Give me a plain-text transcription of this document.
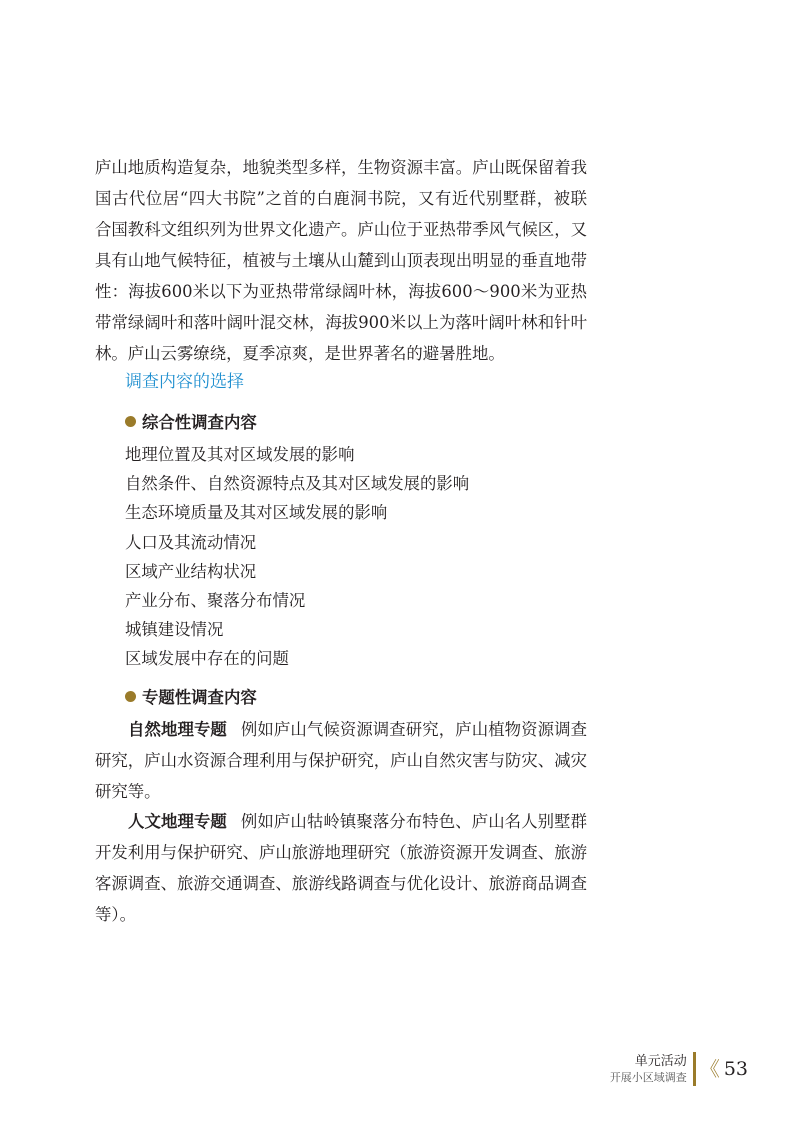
庐山地质构造复杂，地貌类型多样，生物资源丰富。庐山既保留着我国古代位居“四大书院”之首的白鹿洞书院，又有近代别墅群，被联合国教科文组织列为世界文化遗产。庐山位于亚热带季风气候区，又具有山地气候特征，植被与土壤从山麓到山顶表现出明显的垂直地带性：海拔600米以下为亚热带常绿阔叶林，海拔600～900米为亚热带常绿阔叶和落叶阔叶混交林，海拔900米以上为落叶阔叶林和针叶林。庐山云雾缭绕，夏季凉爽，是世界著名的避暑胜地。

调查内容的选择
综合性调查内容
地理位置及其对区域发展的影响
自然条件、自然资源特点及其对区域发展的影响
生态环境质量及其对区域发展的影响
人口及其流动情况
区域产业结构状况
产业分布、聚落分布情况
城镇建设情况
区域发展中存在的问题
专题性调查内容

自然地理专题 例如庐山气候资源调查研究，庐山植物资源调查研究，庐山水资源合理利用与保护研究，庐山自然灾害与防灾、减灾研究等。

人文地理专题 例如庐山牯岭镇聚落分布特色、庐山名人别墅群开发利用与保护研究、庐山旅游地理研究（旅游资源开发调查、旅游客源调查、旅游交通调查、旅游线路调查与优化设计、旅游商品调查等）。

单元活动
开展小区域调查 《 53
